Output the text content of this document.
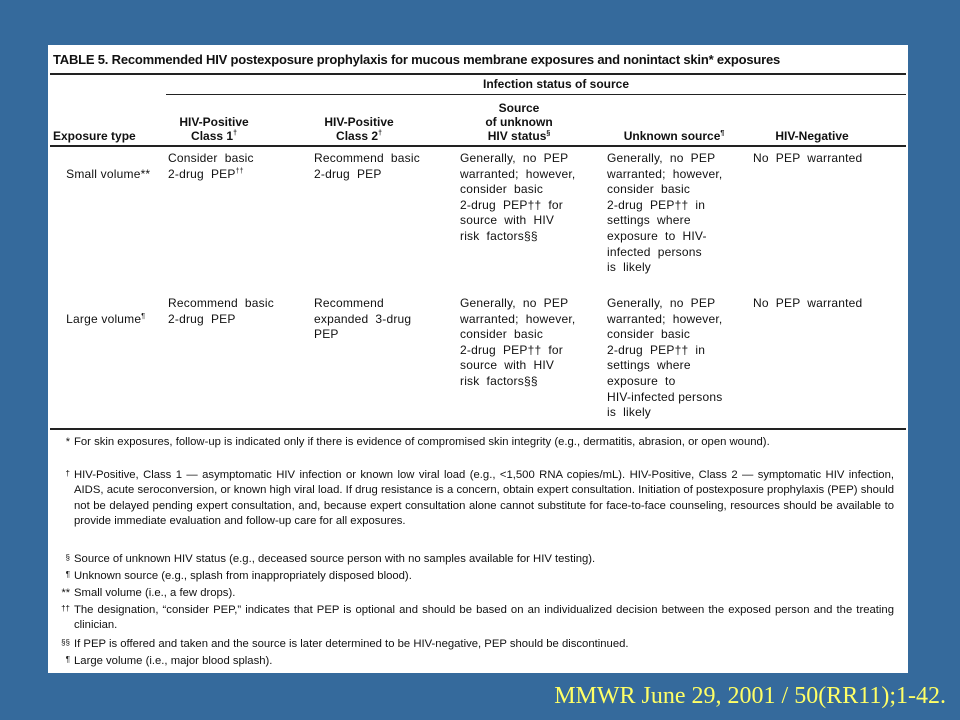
TABLE 5. Recommended HIV postexposure prophylaxis for mucous membrane exposures and nonintact skin* exposures
Infection status of source
Exposure type
HIV-Positive
Class 1†
HIV-Positive
Class 2†
Source
of unknown
HIV status§	Unknown source¶	HIV-Negative

Small volume**

Consider  basic
2-drug  PEP††
Recommend  basic
2-drug  PEP
Generally,  no  PEP
warranted;  however,
consider  basic
2-drug  PEP††  for
source  with  HIV
risk  factors§§
Generally,  no  PEP
warranted;  however,
consider  basic
2-drug  PEP††  in
settings  where
exposure  to  HIV-
infected  persons
is  likely
No  PEP  warranted

Large volume¶

Recommend  basic
2-drug  PEP
Recommend
expanded  3-drug
PEP
Generally,  no  PEP
warranted;  however,
consider  basic
2-drug  PEP††  for
source  with  HIV
risk  factors§§
Generally,  no  PEP
warranted;  however,
consider  basic
2-drug  PEP††  in
settings  where
exposure  to
HIV-infected persons
is  likely
No  PEP  warranted
* For skin exposures, follow-up is indicated only if there is evidence of compromised skin integrity (e.g., dermatitis, abrasion, or open wound).
† HIV-Positive, Class 1 — asymptomatic HIV infection or known low viral load (e.g., <1,500 RNA copies/mL). HIV-Positive, Class 2 — symptomatic HIV infection, AIDS, acute seroconversion, or known high viral load. If drug resistance is a concern, obtain expert consultation. Initiation of postexposure prophylaxis (PEP) should not be delayed pending expert consultation, and, because expert consultation alone cannot substitute for face-to-face counseling, resources should be available to provide immediate evaluation and follow-up care for all exposures.
§ Source of unknown HIV status (e.g., deceased source person with no samples available for HIV testing).
¶ Unknown source (e.g., splash from inappropriately disposed blood).
** Small volume (i.e., a few drops).
†† The designation, “consider PEP,” indicates that PEP is optional and should be based on an individualized decision between the exposed person and the treating clinician.
§§ If PEP is offered and taken and the source is later determined to be HIV-negative, PEP should be discontinued.
¶ Large volume (i.e., major blood splash).
MMWR June 29, 2001 / 50(RR11);1-42.
